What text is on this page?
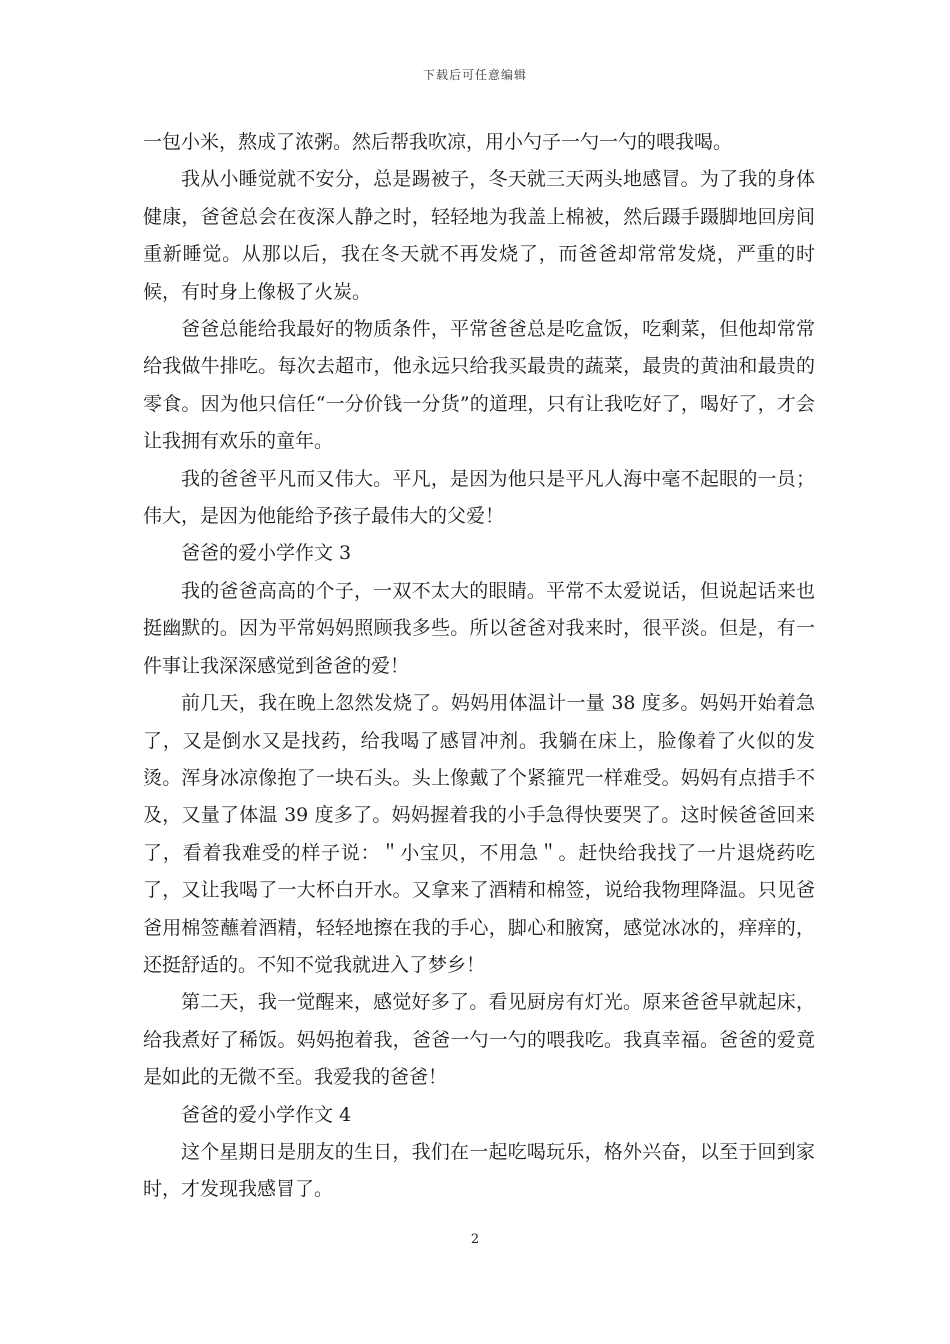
下载后可任意编辑

一包小米，熬成了浓粥。然后帮我吹凉，用小勺子一勺一勺的喂我喝。

我从小睡觉就不安分，总是踢被子，冬天就三天两头地感冒。为了我的身体健康，爸爸总会在夜深人静之时，轻轻地为我盖上棉被，然后蹑手蹑脚地回房间重新睡觉。从那以后，我在冬天就不再发烧了，而爸爸却常常发烧，严重的时候，有时身上像极了火炭。

爸爸总能给我最好的物质条件，平常爸爸总是吃盒饭，吃剩菜，但他却常常给我做牛排吃。每次去超市，他永远只给我买最贵的蔬菜，最贵的黄油和最贵的零食。因为他只信任“一分价钱一分货”的道理，只有让我吃好了，喝好了，才会让我拥有欢乐的童年。

我的爸爸平凡而又伟大。平凡，是因为他只是平凡人海中毫不起眼的一员；伟大，是因为他能给予孩子最伟大的父爱！

爸爸的爱小学作文 3

我的爸爸高高的个子，一双不太大的眼睛。平常不太爱说话，但说起话来也挺幽默的。因为平常妈妈照顾我多些。所以爸爸对我来时，很平淡。但是，有一件事让我深深感觉到爸爸的爱！

前几天，我在晚上忽然发烧了。妈妈用体温计一量 38 度多。妈妈开始着急了，又是倒水又是找药，给我喝了感冒冲剂。我躺在床上，脸像着了火似的发烫。浑身冰凉像抱了一块石头。头上像戴了个紧箍咒一样难受。妈妈有点措手不及，又量了体温 39 度多了。妈妈握着我的小手急得快要哭了。这时候爸爸回来了，看着我难受的样子说：＂小宝贝，不用急＂。赶快给我找了一片退烧药吃了，又让我喝了一大杯白开水。又拿来了酒精和棉签，说给我物理降温。只见爸爸用棉签蘸着酒精，轻轻地擦在我的手心，脚心和腋窝，感觉冰冰的，痒痒的，还挺舒适的。不知不觉我就进入了梦乡！

第二天，我一觉醒来，感觉好多了。看见厨房有灯光。原来爸爸早就起床，给我煮好了稀饭。妈妈抱着我，爸爸一勺一勺的喂我吃。我真幸福。爸爸的爱竟是如此的无微不至。我爱我的爸爸！

爸爸的爱小学作文 4

这个星期日是朋友的生日，我们在一起吃喝玩乐，格外兴奋，以至于回到家时，才发现我感冒了。

2
